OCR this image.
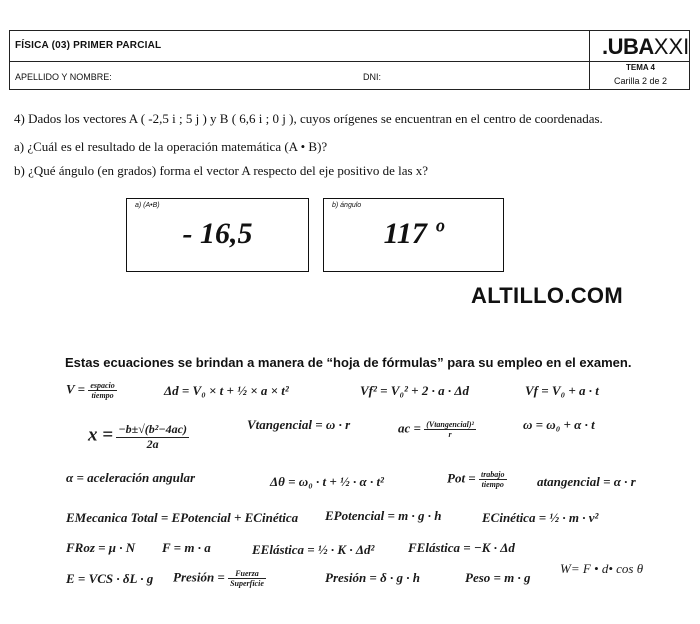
FÍSICA (03) PRIMER PARCIAL	.UBAXXI
APELLIDO Y NOMBRE:	DNI:
TEMA 4
Carilla 2 de 2
4) Dados los vectores A ( -2,5 i ; 5 j ) y B ( 6,6 i ; 0 j ), cuyos orígenes se encuentran en el centro de coordenadas.
a) ¿Cuál es el resultado de la operación matemática (A • B)?
b) ¿Qué ángulo (en grados) forma el vector A respecto del eje positivo de las x?
a) (A•B)
- 16,5
b) ángulo
117 º
ALTILLO.COM
Estas ecuaciones se brindan a manera de “hoja de fórmulas” para su empleo en el examen.
$V = \frac{\text{espacio}}{\text{tiempo}}$	Δd = V₀ × t + ½ × a × t²	Vf² = V₀² + 2 · a · Δd	Vf = V₀ + a · t
$x = \frac{\text{−b±√(b²−4ac)}}{2a}$	Vtangencial = ω · r	ac = $\frac{\text{(Vtangencial)²}}{r}$	ω = ω₀ + α · t
α = aceleración angular	Δθ = ω₀ · t + ½ · α · t²	Pot = $\frac{\text{trabajo}}{\text{tiempo}}$ atangencial = α · r
EMecanica Total = EPotencial + ECinética EPotencial = m · g · h	ECinética = ½ · m · v²
FRoz = μ · N F = m · a	EElástica = ½ · K · Δd²	FElástica = −K · Δd
E = VCS · δL · g Presión = $\frac{\text{Fuerza}}{\text{Superficie}}$	Presión = δ · g · h	Peso = m · g
W= F • d• cos θ
